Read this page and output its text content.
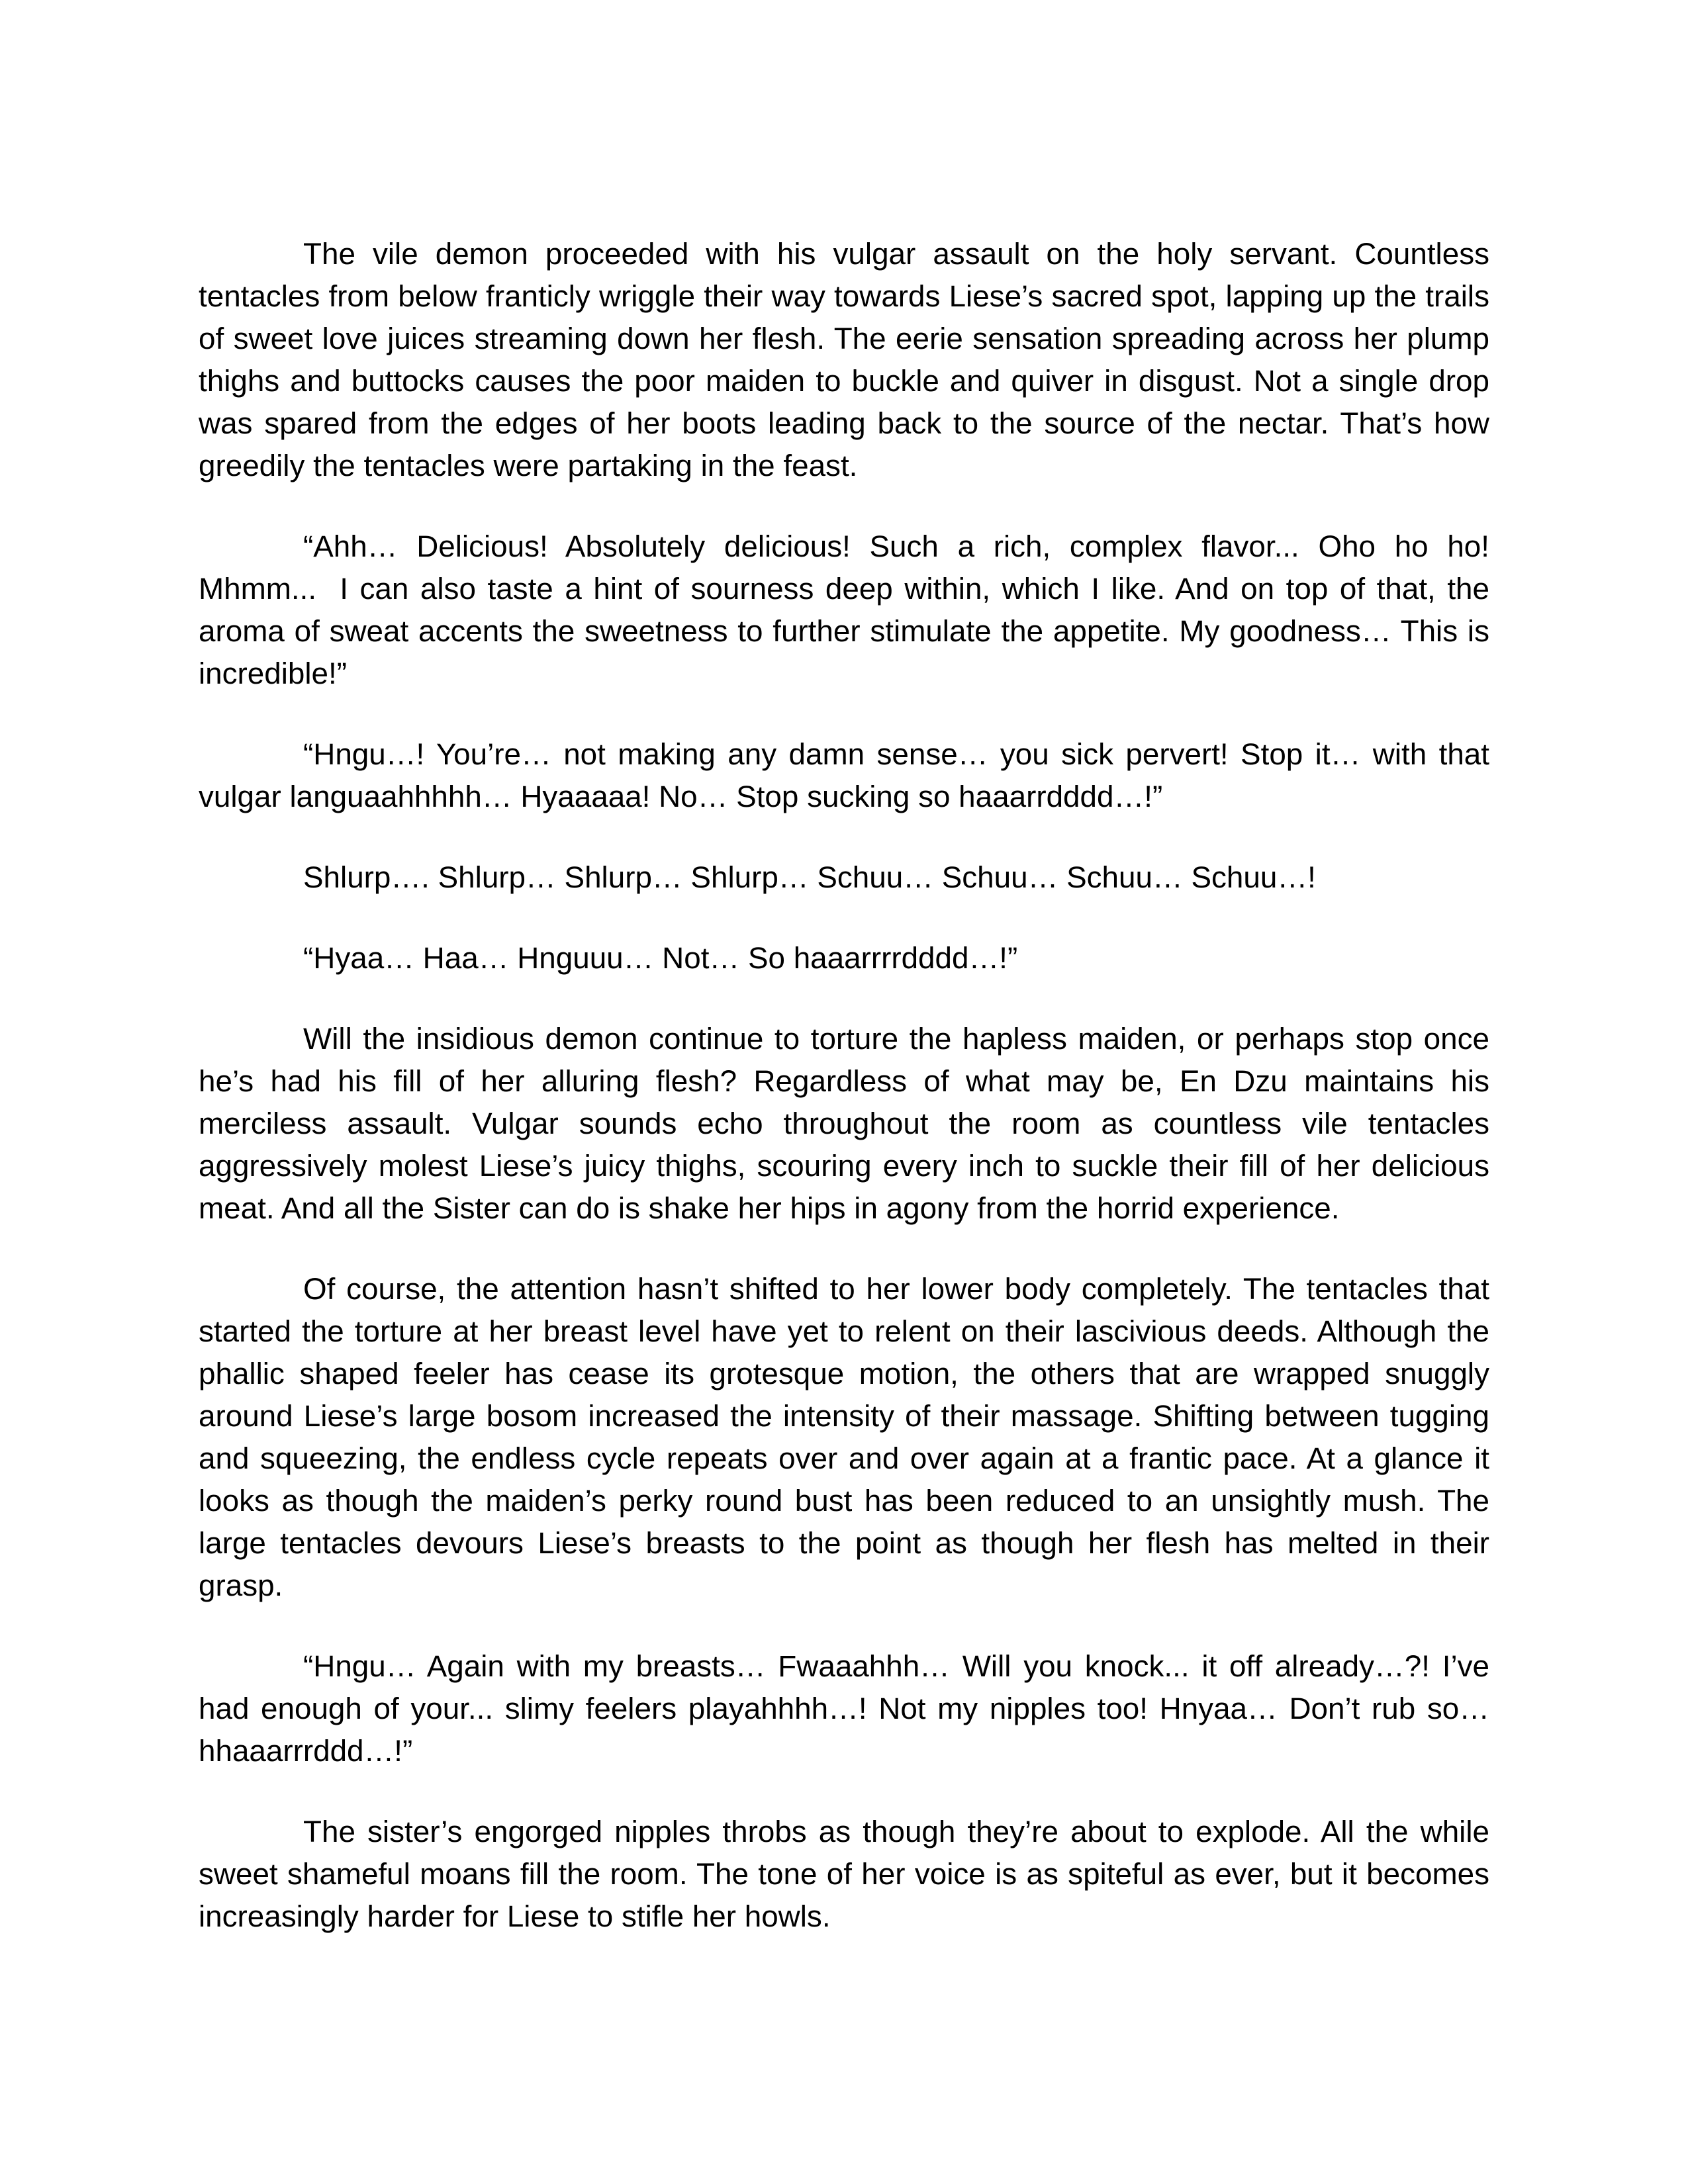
The vile demon proceeded with his vulgar assault on the holy servant. Countless tentacles from below franticly wriggle their way towards Liese’s sacred spot, lapping up the trails of sweet love juices streaming down her flesh. The eerie sensation spreading across her plump thighs and buttocks causes the poor maiden to buckle and quiver in disgust. Not a single drop was spared from the edges of her boots leading back to the source of the nectar. That’s how greedily the tentacles were partaking in the feast.

“Ahh… Delicious! Absolutely delicious! Such a rich, complex flavor... Oho ho ho! Mhmm...  I can also taste a hint of sourness deep within, which I like. And on top of that, the aroma of sweat accents the sweetness to further stimulate the appetite. My goodness… This is incredible!”

“Hngu…! You’re… not making any damn sense… you sick pervert! Stop it… with that vulgar languaahhhhh… Hyaaaaa! No… Stop sucking so haaarrdddd…!”

Shlurp…. Shlurp… Shlurp… Shlurp… Schuu… Schuu… Schuu… Schuu…!

“Hyaa… Haa… Hnguuu… Not… So haaarrrrdddd…!”

Will the insidious demon continue to torture the hapless maiden, or perhaps stop once he’s had his fill of her alluring flesh? Regardless of what may be, En Dzu maintains his merciless assault. Vulgar sounds echo throughout the room as countless vile tentacles aggressively molest Liese’s juicy thighs, scouring every inch to suckle their fill of her delicious meat. And all the Sister can do is shake her hips in agony from the horrid experience.

Of course, the attention hasn’t shifted to her lower body completely. The tentacles that started the torture at her breast level have yet to relent on their lascivious deeds. Although the phallic shaped feeler has cease its grotesque motion, the others that are wrapped snuggly around Liese’s large bosom increased the intensity of their massage. Shifting between tugging and squeezing, the endless cycle repeats over and over again at a frantic pace. At a glance it looks as though the maiden’s perky round bust has been reduced to an unsightly mush. The large tentacles devours Liese’s breasts to the point as though her flesh has melted in their grasp.

“Hngu… Again with my breasts… Fwaaahhh… Will you knock... it off already…?! I’ve had enough of your... slimy feelers playahhhh…! Not my nipples too! Hnyaa… Don’t rub so… hhaaarrrddd…!”

The sister’s engorged nipples throbs as though they’re about to explode. All the while sweet shameful moans fill the room. The tone of her voice is as spiteful as ever, but it becomes increasingly harder for Liese to stifle her howls.
